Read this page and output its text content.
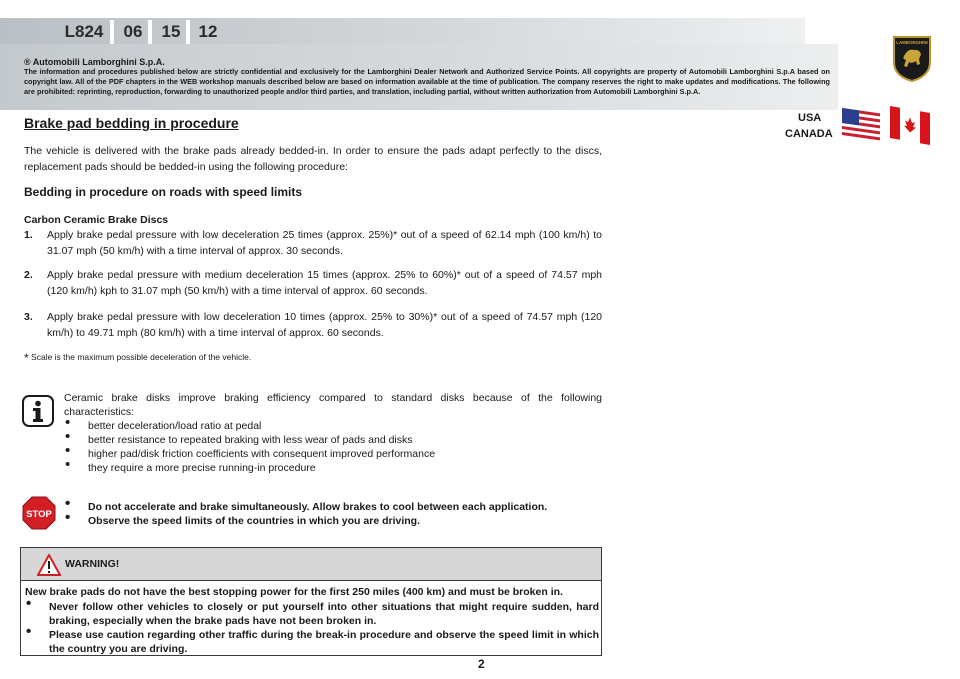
L824	06	15	12
® Automobili Lamborghini S.p.A.
The information and procedures published below are strictly confidential and exclusively for the Lamborghini Dealer Network and Authorized Service Points. All copyrights are property of Automobili Lamborghini S.p.A based on copyright law. All of the PDF chapters in the WEB workshop manuals described below are based on information available at the time of publication. The company reserves the right to make updates and modifications. The following are prohibited: reprinting, reproduction, forwarding to unauthorized people and/or third parties, and translation, including partial, without written authorization from Automobili Lamborghini S.p.A.
LAMBORGHINI
USA
CANADA
Brake pad bedding in procedure

The vehicle is delivered with the brake pads already bedded-in. In order to ensure the pads adapt perfectly to the discs, replacement pads should be bedded-in using the following procedure:

Bedding in procedure on roads with speed limits
Carbon Ceramic Brake Discs
1. Apply brake pedal pressure with low deceleration 25 times (approx. 25%)* out of a speed of 62.14 mph (100 km/h) to 31.07 mph (50 km/h) with a time interval of approx. 30 seconds.
2. Apply brake pedal pressure with medium deceleration 15 times (approx. 25% to 60%)* out of a speed of 74.57 mph (120 km/h) kph to 31.07 mph (50 km/h) with a time interval of approx. 60 seconds.
3. Apply brake pedal pressure with low deceleration 10 times (approx. 25% to 30%)* out of a speed of 74.57 mph (120 km/h) to 49.71 mph (80 km/h) with a time interval of approx. 60 seconds.
* Scale is the maximum possible deceleration of the vehicle.
Ceramic brake disks improve braking efficiency compared to standard disks because of the following characteristics:
• better deceleration/load ratio at pedal
• better resistance to repeated braking with less wear of pads and disks
• higher pad/disk friction coefficients with consequent improved performance
• they require a more precise running-in procedure
STOP
• Do not accelerate and brake simultaneously. Allow brakes to cool between each application.
• Observe the speed limits of the countries in which you are driving.
WARNING!
New brake pads do not have the best stopping power for the first 250 miles (400 km) and must be broken in.
• Never follow other vehicles to closely or put yourself into other situations that might require sudden, hard braking, especially when the brake pads have not been broken in.
• Please use caution regarding other traffic during the break-in procedure and observe the speed limit in which the country you are driving.
2
